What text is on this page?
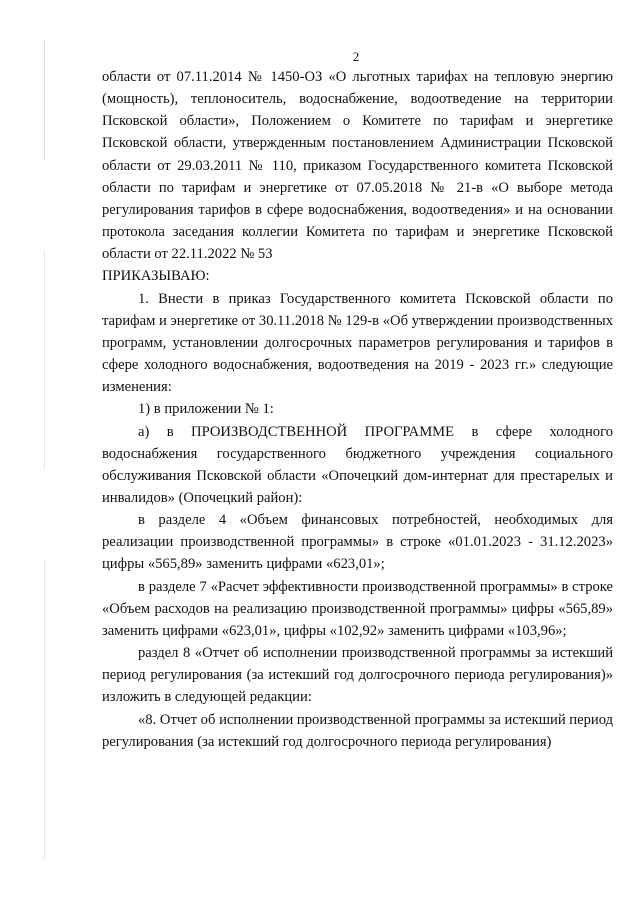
2

области от 07.11.2014 № 1450-ОЗ «О льготных тарифах на тепловую энергию (мощность), теплоноситель, водоснабжение, водоотведение на территории Псковской области», Положением о Комитете по тарифам и энергетике Псковской области, утвержденным постановлением Администрации Псковской области от 29.03.2011 № 110, приказом Государственного комитета Псковской области по тарифам и энергетике от 07.05.2018 № 21-в «О выборе метода регулирования тарифов в сфере водоснабжения, водоотведения» и на основании протокола заседания коллегии Комитета по тарифам и энергетике Псковской области от 22.11.2022 № 53

ПРИКАЗЫВАЮ:

1. Внести в приказ Государственного комитета Псковской области по тарифам и энергетике от 30.11.2018 № 129-в «Об утверждении производственных программ, установлении долгосрочных параметров регулирования и тарифов в сфере холодного водоснабжения, водоотведения на 2019 - 2023 гг.» следующие изменения:

1) в приложении № 1:

а) в ПРОИЗВОДСТВЕННОЙ ПРОГРАММЕ в сфере холодного водоснабжения государственного бюджетного учреждения социального обслуживания Псковской области «Опочецкий дом-интернат для престарелых и инвалидов» (Опочецкий район):

в разделе 4 «Объем финансовых потребностей, необходимых для реализации производственной программы» в строке «01.01.2023 - 31.12.2023» цифры «565,89» заменить цифрами «623,01»;

в разделе 7 «Расчет эффективности производственной программы» в строке «Объем расходов на реализацию производственной программы» цифры «565,89» заменить цифрами «623,01», цифры «102,92» заменить цифрами «103,96»;

раздел 8 «Отчет об исполнении производственной программы за истекший период регулирования (за истекший год долгосрочного периода регулирования)» изложить в следующей редакции:

«8. Отчет об исполнении производственной программы за истекший период регулирования (за истекший год долгосрочного периода регулирования)
